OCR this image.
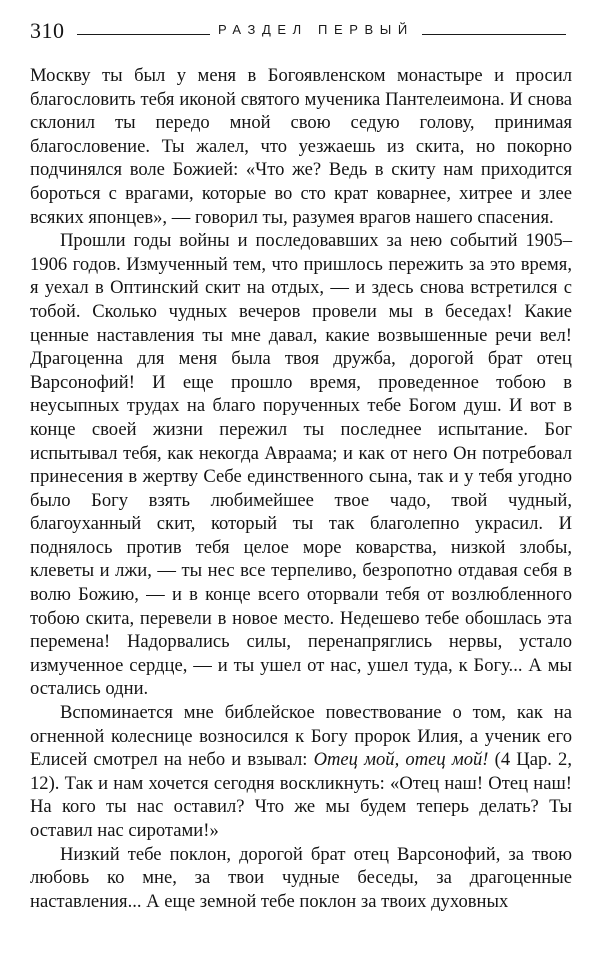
310	РАЗДЕЛ ПЕРВЫЙ

Москву ты был у меня в Богоявленском монастыре и просил благословить тебя иконой святого мученика Пантелеимона. И снова склонил ты передо мной свою седую голову, принимая благословение. Ты жалел, что уезжаешь из скита, но покорно подчинялся воле Божией: «Что же? Ведь в скиту нам приходится бороться с врагами, которые во сто крат коварнее, хитрее и злее всяких японцев», — говорил ты, разумея врагов нашего спасения.

Прошли годы войны и последовавших за нею событий 1905–1906 годов. Измученный тем, что пришлось пережить за это время, я уехал в Оптинский скит на отдых, — и здесь снова встретился с тобой. Сколько чудных вечеров провели мы в беседах! Какие ценные наставления ты мне давал, какие возвышенные речи вел! Драгоценна для меня была твоя дружба, дорогой брат отец Варсонофий! И еще прошло время, проведенное тобою в неусыпных трудах на благо порученных тебе Богом душ. И вот в конце своей жизни пережил ты последнее испытание. Бог испытывал тебя, как некогда Авраама; и как от него Он потребовал принесения в жертву Себе единственного сына, так и у тебя угодно было Богу взять любимейшее твое чадо, твой чудный, благоуханный скит, который ты так благолепно украсил. И поднялось против тебя целое море коварства, низкой злобы, клеветы и лжи, — ты нес все терпеливо, безропотно отдавая себя в волю Божию, — и в конце всего оторвали тебя от возлюбленного тобою скита, перевели в новое место. Недешево тебе обошлась эта перемена! Надорвались силы, перенапряглись нервы, устало измученное сердце, — и ты ушел от нас, ушел туда, к Богу... А мы остались одни.

Вспоминается мне библейское повествование о том, как на огненной колеснице возносился к Богу пророк Илия, а ученик его Елисей смотрел на небо и взывал: Отец мой, отец мой! (4 Цар. 2, 12). Так и нам хочется сегодня воскликнуть: «Отец наш! Отец наш! На кого ты нас оставил? Что же мы будем теперь делать? Ты оставил нас сиротами!»

Низкий тебе поклон, дорогой брат отец Варсонофий, за твою любовь ко мне, за твои чудные беседы, за драгоценные наставления... А еще земной тебе поклон за твоих духовных
